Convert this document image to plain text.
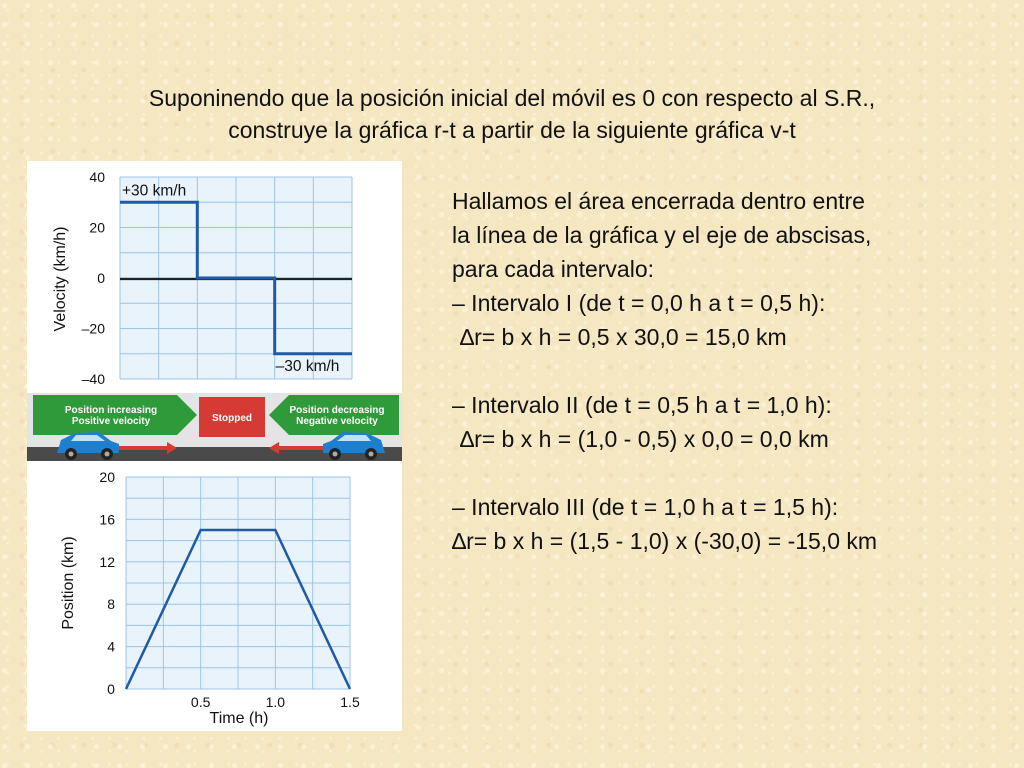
Suponinendo que la posición inicial del móvil es 0 con respecto al S.R.,
construye la gráfica r-t a partir de la siguiente gráfica v-t
40
20
0
–20
–40
Velocity (km/h)
+30 km/h
–30 km/h
Position increasing
Positive velocity	Stopped
Position decreasing
Negative velocity
20
16
12
8
4
0.5	1.0	1.5
0
Position (km)
Time (h)
Hallamos el área encerrada dentro entre
la línea de la gráfica y el eje de abscisas,
para cada intervalo:
– Intervalo I (de t = 0,0 h a t = 0,5 h):
∆r= b x h = 0,5 x 30,0 = 15,0 km
– Intervalo II (de t = 0,5 h a t = 1,0 h):
∆r= b x h = (1,0 - 0,5) x 0,0 = 0,0 km
– Intervalo III (de t = 1,0 h a t = 1,5 h):
∆r= b x h = (1,5 - 1,0) x (-30,0) = -15,0 km
